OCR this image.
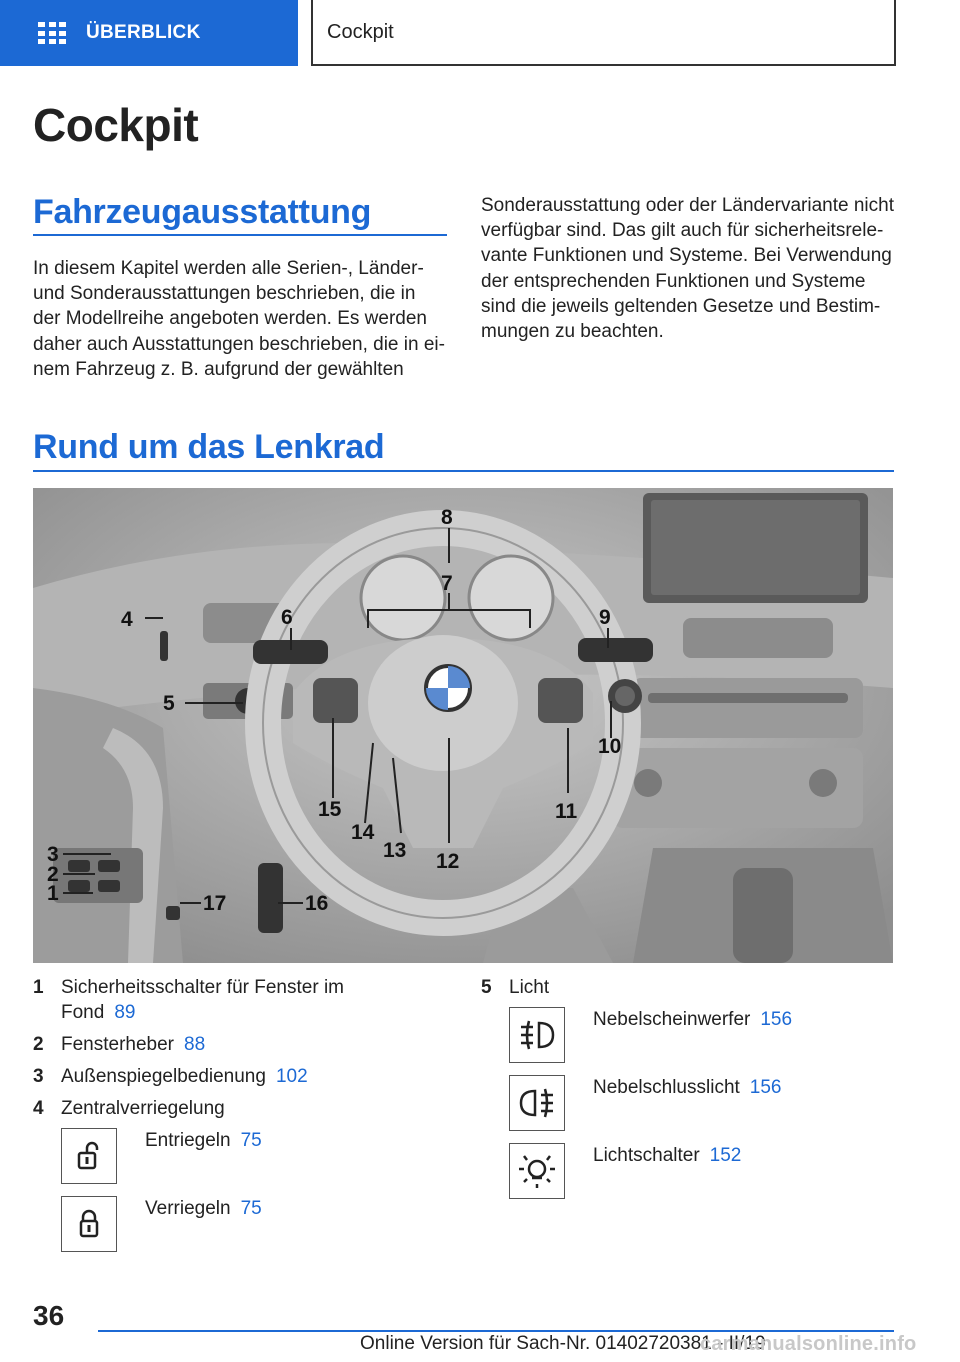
ÜBERBLICK	Cockpit
Cockpit
Fahrzeugausstattung
In diesem Kapitel werden alle Serien-, Länder-
und Sonderausstattungen beschrieben, die in
der Modellreihe angeboten werden. Es werden
daher auch Ausstattungen beschrieben, die in ei-
nem Fahrzeug z. B. aufgrund der gewählten
Sonderausstattung oder der Ländervariante nicht
verfügbar sind. Das gilt auch für sicherheitsrele-
vante Funktionen und Systeme. Bei Verwendung
der entsprechenden Funktionen und Systeme
sind die jeweils geltenden Gesetze und Bestim-
mungen zu beachten.
Rund um das Lenkrad
1
2
3
4
5
6
7
8
9
10
11
12
13
14
15
16
17
1 Sicherheitsschalter für Fenster im
Fond 89
2 Fensterheber 88
3 Außenspiegelbedienung 102
4 Zentralverriegelung
Entriegeln 75
Verriegeln 75
5 Licht
Nebelscheinwerfer 156
Nebelschlusslicht 156
Lichtschalter 152
36
Online Version für Sach-Nr. 01402720381 - II/19
carmanualsonline.info
